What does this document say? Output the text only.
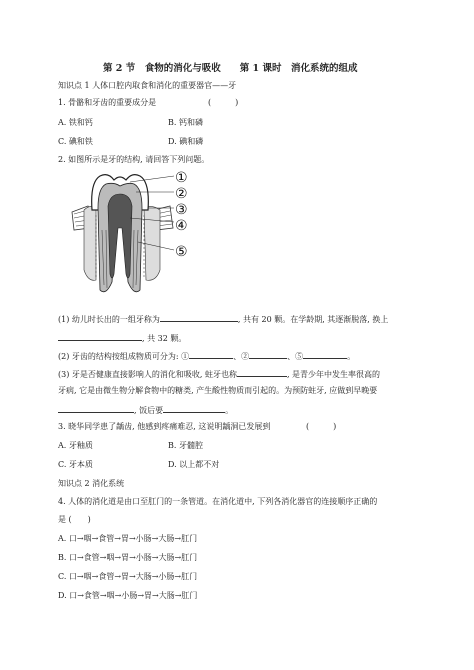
第 2 节　食物的消化与吸收　　第 1 课时　消化系统的组成
知识点 1 人体口腔内取食和消化的重要器官——牙
1. 骨骼和牙齿的重要成分是	(　　　)
A. 铁和钙	B. 钙和磷
C. 碘和铁	D. 碘和磷
2. 如图所示是牙的结构, 请回答下列问题。
①
②
③
④
⑤
(1) 幼儿时长出的一组牙称为	, 共有 20 颗。在学龄期, 其逐渐脱落, 换上
, 共 32 颗。
(2) 牙齿的结构按组成物质可分为: ①	、②	、⑤	。
(3) 牙是否健康直接影响人的消化和吸收, 蛀牙也称	, 是青少年中发生率很高的
牙病, 它是由微生物分解食物中的糖类, 产生酸性物质而引起的。为预防蛀牙, 应做到早晚要
, 饭后要	。
3. 晓华同学患了龋齿, 他感到疼痛难忍, 这说明龋洞已发展到	(　　　)
A. 牙釉质	B. 牙髓腔
C. 牙本质	D. 以上都不对
知识点 2 消化系统
4. 人体的消化道是由口至肛门的一条管道。在消化道中, 下列各消化器官的连接顺序正确的
是 (　　)
A. 口→咽→食管→胃→小肠→大肠→肛门
B. 口→食管→咽→胃→小肠→大肠→肛门
C. 口→咽→食管→胃→大肠→小肠→肛门
D. 口→食管→咽→小肠→胃→大肠→肛门
